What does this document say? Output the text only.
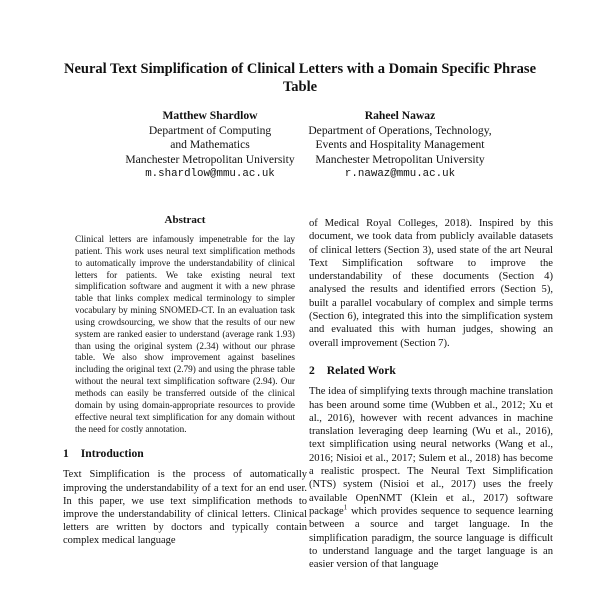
Neural Text Simplification of Clinical Letters with a Domain Specific Phrase Table
Matthew Shardlow
Department of Computing
and Mathematics
Manchester Metropolitan University
m.shardlow@mmu.ac.uk
Raheel Nawaz
Department of Operations, Technology,
Events and Hospitality Management
Manchester Metropolitan University
r.nawaz@mmu.ac.uk
Abstract
Clinical letters are infamously impenetrable for the lay patient. This work uses neural text simplification methods to automatically improve the understandability of clinical letters for patients. We take existing neural text simplification software and augment it with a new phrase table that links complex medical terminology to simpler vocabulary by mining SNOMED-CT. In an evaluation task using crowdsourcing, we show that the results of our new system are ranked easier to understand (average rank 1.93) than using the original system (2.34) without our phrase table. We also show improvement against baselines including the original text (2.79) and using the phrase table without the neural text simplification software (2.94). Our methods can easily be transferred outside of the clinical domain by using domain-appropriate resources to provide effective neural text simplification for any domain without the need for costly annotation.
1 Introduction
Text Simplification is the process of automatically improving the understandability of a text for an end user. In this paper, we use text simplification methods to improve the understandability of clinical letters. Clinical letters are written by doctors and typically contain complex medical language
of Medical Royal Colleges, 2018). Inspired by this document, we took data from publicly available datasets of clinical letters (Section 3), used state of the art Neural Text Simplification software to improve the understandability of these documents (Section 4) analysed the results and identified errors (Section 5), built a parallel vocabulary of complex and simple terms (Section 6), integrated this into the simplification system and evaluated this with human judges, showing an overall improvement (Section 7).
2 Related Work
The idea of simplifying texts through machine translation has been around some time (Wubben et al., 2012; Xu et al., 2016), however with recent advances in machine translation leveraging deep learning (Wu et al., 2016), text simplification using neural networks (Wang et al., 2016; Nisioi et al., 2017; Sulem et al., 2018) has become a realistic prospect. The Neural Text Simplification (NTS) system (Nisioi et al., 2017) uses the freely available OpenNMT (Klein et al., 2017) software package$^1$ which provides sequence to sequence learning between a source and target language. In the simplification paradigm, the source language is difficult to understand language and the target language is an easier version of that language
